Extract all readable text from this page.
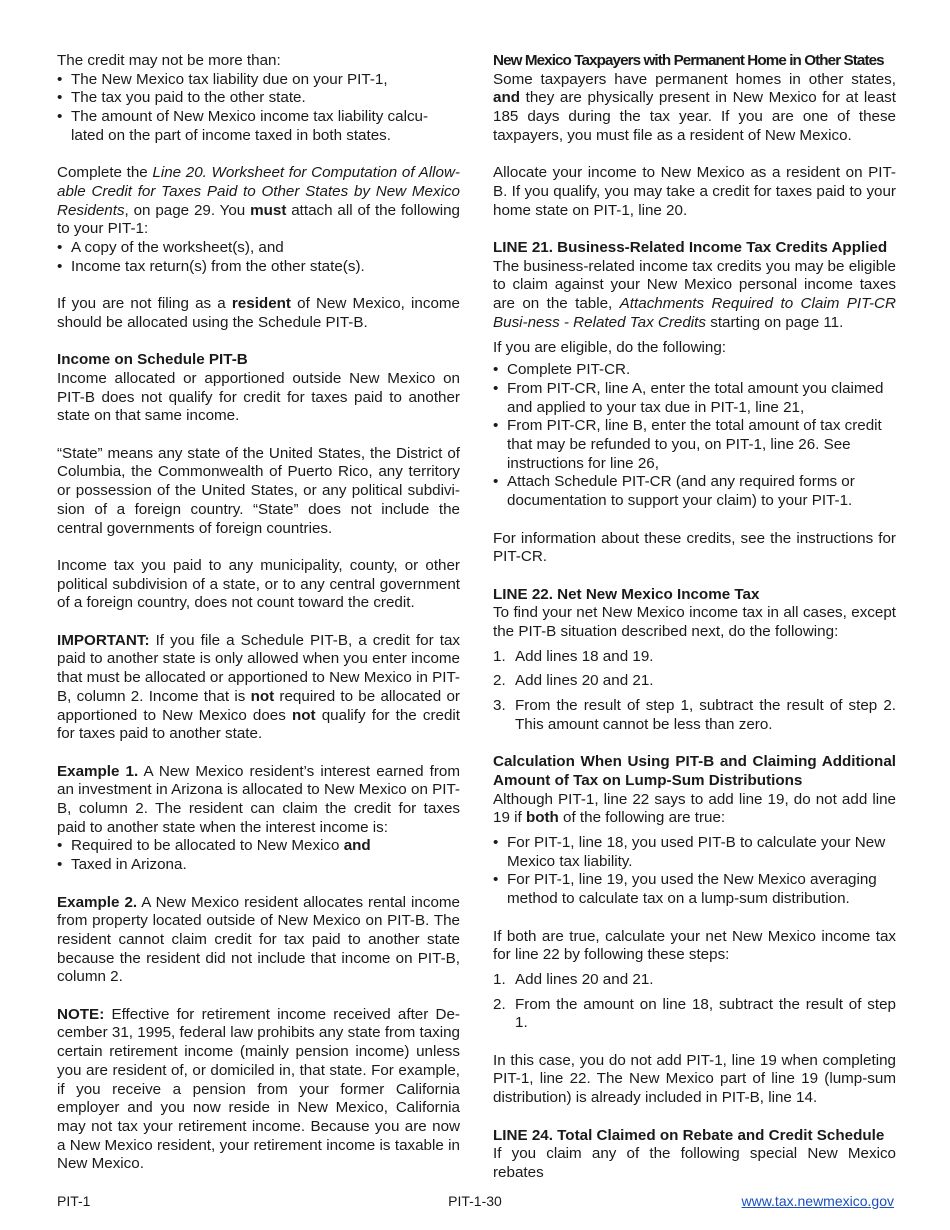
The credit may not be more than:

• The New Mexico tax liability due on your PIT-1,
• The tax you paid to the other state.
• The amount of New Mexico income tax liability calcu-lated on the part of income taxed in both states.

Complete the Line 20. Worksheet for Computation of Allow-able Credit for Taxes Paid to Other States by New Mexico Residents, on page 29. You must attach all of the following to your PIT-1:

• A copy of the worksheet(s), and
• Income tax return(s) from the other state(s).

If you are not filing as a resident of New Mexico, income should be allocated using the Schedule PIT-B.

Income on Schedule PIT-B

Income allocated or apportioned outside New Mexico on PIT-B does not qualify for credit for taxes paid to another state on that same income.

“State” means any state of the United States, the District of Columbia, the Commonwealth of Puerto Rico, any territory or possession of the United States, or any political subdivi-sion of a foreign country. “State” does not include the central governments of foreign countries.

Income tax you paid to any municipality, county, or other political subdivision of a state, or to any central government of a foreign country, does not count toward the credit.

IMPORTANT: If you file a Schedule PIT-B, a credit for tax paid to another state is only allowed when you enter income that must be allocated or apportioned to New Mexico in PIT-B, column 2. Income that is not required to be allocated or apportioned to New Mexico does not qualify for the credit for taxes paid to another state.

Example 1. A New Mexico resident’s interest earned from an investment in Arizona is allocated to New Mexico on PIT-B, column 2. The resident can claim the credit for taxes paid to another state when the interest income is:

• Required to be allocated to New Mexico and
• Taxed in Arizona.

Example 2. A New Mexico resident allocates rental income from property located outside of New Mexico on PIT-B. The resident cannot claim credit for tax paid to another state because the resident did not include that income on PIT-B, column 2.

NOTE: Effective for retirement income received after De-cember 31, 1995, federal law prohibits any state from taxing certain retirement income (mainly pension income) unless you are resident of, or domiciled in, that state. For example, if you receive a pension from your former California employer and you now reside in New Mexico, California may not tax your retirement income. Because you are now a New Mexico resident, your retirement income is taxable in New Mexico.

New Mexico Taxpayers with Permanent Home in Other States

Some taxpayers have permanent homes in other states, and they are physically present in New Mexico for at least 185 days during the tax year. If you are one of these taxpayers, you must file as a resident of New Mexico.

Allocate your income to New Mexico as a resident on PIT-B. If you qualify, you may take a credit for taxes paid to your home state on PIT-1, line 20.

LINE 21. Business-Related Income Tax Credits Applied

The business-related income tax credits you may be eligible to claim against your New Mexico personal income taxes are on the table, Attachments Required to Claim PIT-CR Busi-ness - Related Tax Credits starting on page 11.

If you are eligible, do the following:

• Complete PIT-CR.
• From PIT-CR, line A, enter the total amount you claimed and applied to your tax due in PIT-1, line 21,
• From PIT-CR, line B, enter the total amount of tax credit that may be refunded to you, on PIT-1, line 26. See instructions for line 26,
• Attach Schedule PIT-CR (and any required forms or documentation to support your claim) to your PIT-1.

For information about these credits, see the instructions for PIT-CR.

LINE 22. Net New Mexico Income Tax

To find your net New Mexico income tax in all cases, except the PIT-B situation described next, do the following:

1. Add lines 18 and 19.
2. Add lines 20 and 21.
3. From the result of step 1, subtract the result of step 2. This amount cannot be less than zero.

Calculation When Using PIT-B and Claiming Additional Amount of Tax on Lump-Sum Distributions

Although PIT-1, line 22 says to add line 19, do not add line 19 if both of the following are true:

• For PIT-1, line 18, you used PIT-B to calculate your New Mexico tax liability.
• For PIT-1, line 19, you used the New Mexico averaging method to calculate tax on a lump-sum distribution.

If both are true, calculate your net New Mexico income tax for line 22 by following these steps:

1. Add lines 20 and 21.
2. From the amount on line 18, subtract the result of step 1.

In this case, you do not add PIT-1, line 19 when completing PIT-1, line 22. The New Mexico part of line 19 (lump-sum distribution) is already included in PIT-B, line 14.

LINE 24. Total Claimed on Rebate and Credit Schedule

If you claim any of the following special New Mexico rebates

PIT-1	PIT-1-30	www.tax.newmexico.gov
